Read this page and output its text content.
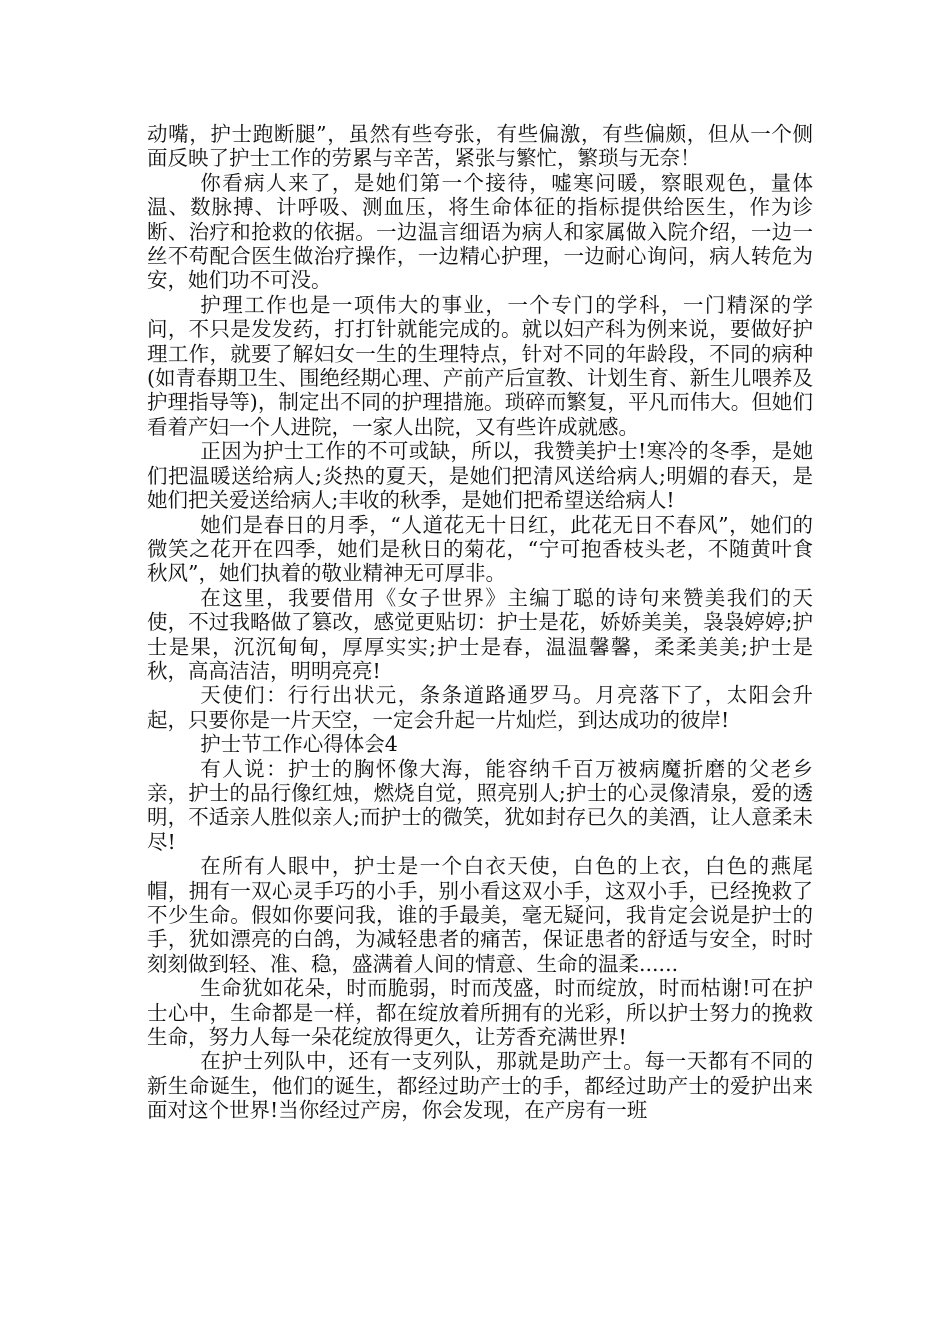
动嘴，护士跑断腿”，虽然有些夸张，有些偏激，有些偏颇，但从一个侧面反映了护士工作的劳累与辛苦，紧张与繁忙，繁琐与无奈！

你看病人来了，是她们第一个接待，嘘寒问暖，察眼观色，量体温、数脉搏、计呼吸、测血压，将生命体征的指标提供给医生，作为诊断、治疗和抢救的依据。一边温言细语为病人和家属做入院介绍，一边一丝不苟配合医生做治疗操作，一边精心护理，一边耐心询问，病人转危为安，她们功不可没。

护理工作也是一项伟大的事业，一个专门的学科，一门精深的学问，不只是发发药，打打针就能完成的。就以妇产科为例来说，要做好护理工作，就要了解妇女一生的生理特点，针对不同的年龄段，不同的病种(如青春期卫生、围绝经期心理、产前产后宣教、计划生育、新生儿喂养及护理指导等)，制定出不同的护理措施。琐碎而繁复，平凡而伟大。但她们看着产妇一个人进院，一家人出院，又有些许成就感。

正因为护士工作的不可或缺，所以，我赞美护士!寒冷的冬季，是她们把温暖送给病人;炎热的夏天，是她们把清风送给病人;明媚的春天，是她们把关爱送给病人;丰收的秋季，是她们把希望送给病人!

她们是春日的月季，“人道花无十日红，此花无日不春风”，她们的微笑之花开在四季，她们是秋日的菊花，“宁可抱香枝头老，不随黄叶食秋风”，她们执着的敬业精神无可厚非。

在这里，我要借用《女子世界》主编丁聪的诗句来赞美我们的天使，不过我略做了篡改，感觉更贴切：护士是花，娇娇美美，袅袅婷婷;护士是果，沉沉甸甸，厚厚实实;护士是春，温温馨馨，柔柔美美;护士是秋，高高洁洁，明明亮亮!

天使们：行行出状元，条条道路通罗马。月亮落下了，太阳会升起，只要你是一片天空，一定会升起一片灿烂，到达成功的彼岸!

护士节工作心得体会4

有人说：护士的胸怀像大海，能容纳千百万被病魔折磨的父老乡亲，护士的品行像红烛，燃烧自觉，照亮别人;护士的心灵像清泉，爱的透明，不适亲人胜似亲人;而护士的微笑，犹如封存已久的美酒，让人意柔未尽!

在所有人眼中，护士是一个白衣天使，白色的上衣，白色的燕尾帽，拥有一双心灵手巧的小手，别小看这双小手，这双小手，已经挽救了不少生命。假如你要问我，谁的手最美，毫无疑问，我肯定会说是护士的手，犹如漂亮的白鸽，为减轻患者的痛苦，保证患者的舒适与安全，时时刻刻做到轻、准、稳，盛满着人间的情意、生命的温柔......

生命犹如花朵，时而脆弱，时而茂盛，时而绽放，时而枯谢!可在护士心中，生命都是一样，都在绽放着所拥有的光彩，所以护士努力的挽救生命，努力人每一朵花绽放得更久，让芳香充满世界!

在护士列队中，还有一支列队，那就是助产士。每一天都有不同的新生命诞生，他们的诞生，都经过助产士的手，都经过助产士的爱护出来面对这个世界!当你经过产房，你会发现，在产房有一班
